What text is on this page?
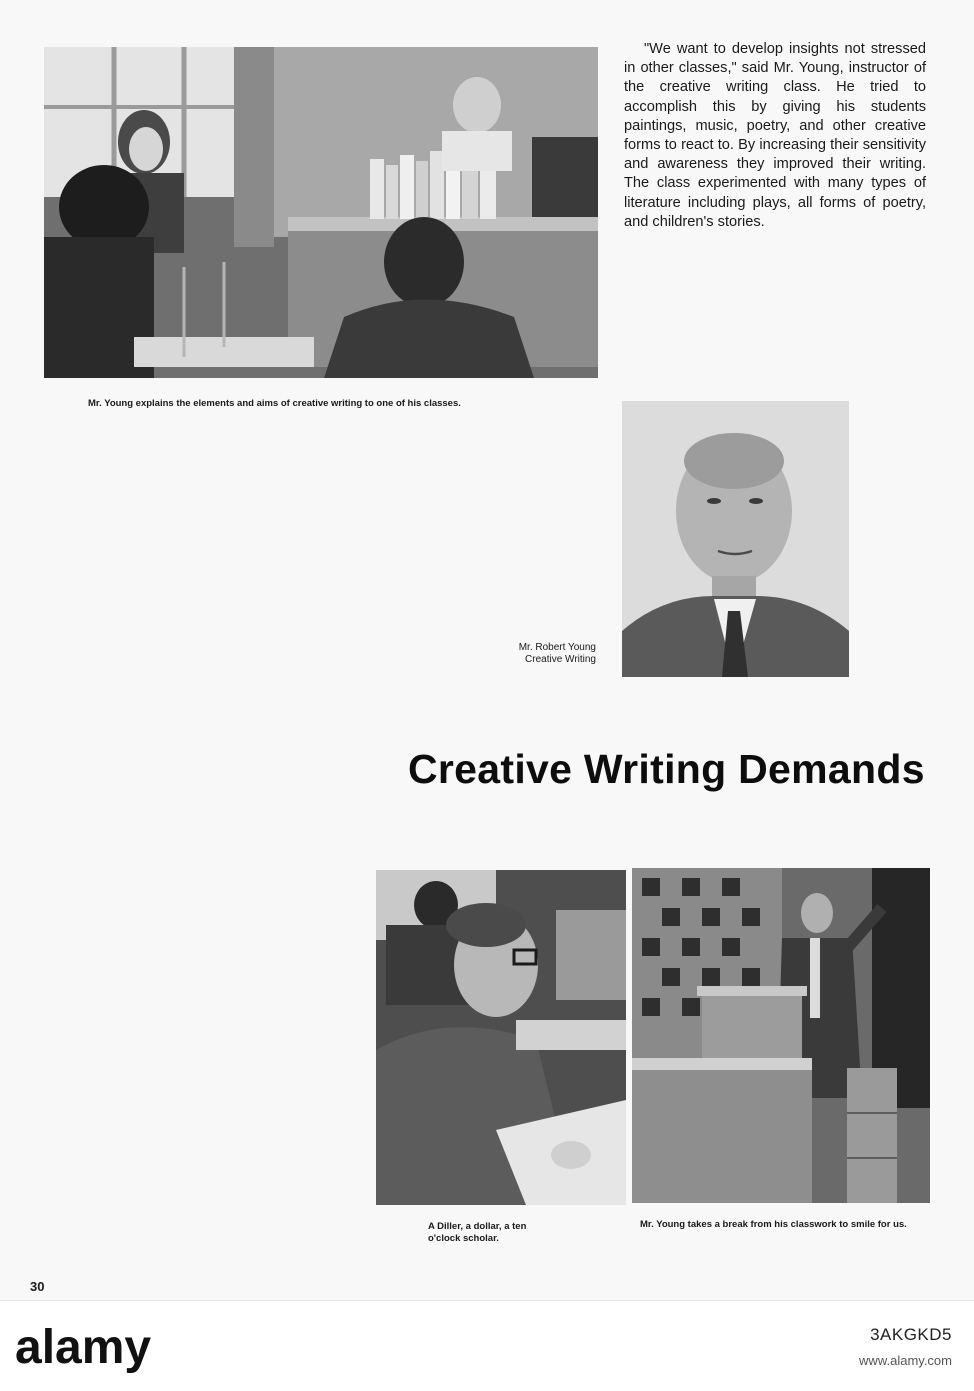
"We want to develop insights not stressed in other classes," said Mr. Young, instructor of the creative writing class. He tried to accomplish this by giving his students paintings, music, poetry, and other creative forms to react to. By increasing their sensitivity and awareness they improved their writing. The class experimented with many types of literature including plays, all forms of poetry, and children's stories.

Mr. Young explains the elements and aims of creative writing to one of his classes.
Mr. Robert Young
Creative Writing
Creative Writing Demands
A Diller, a dollar, a ten o'clock scholar.
Mr. Young takes a break from his classwork to smile for us.
30
alamy	3AKGKD5
www.alamy.com
